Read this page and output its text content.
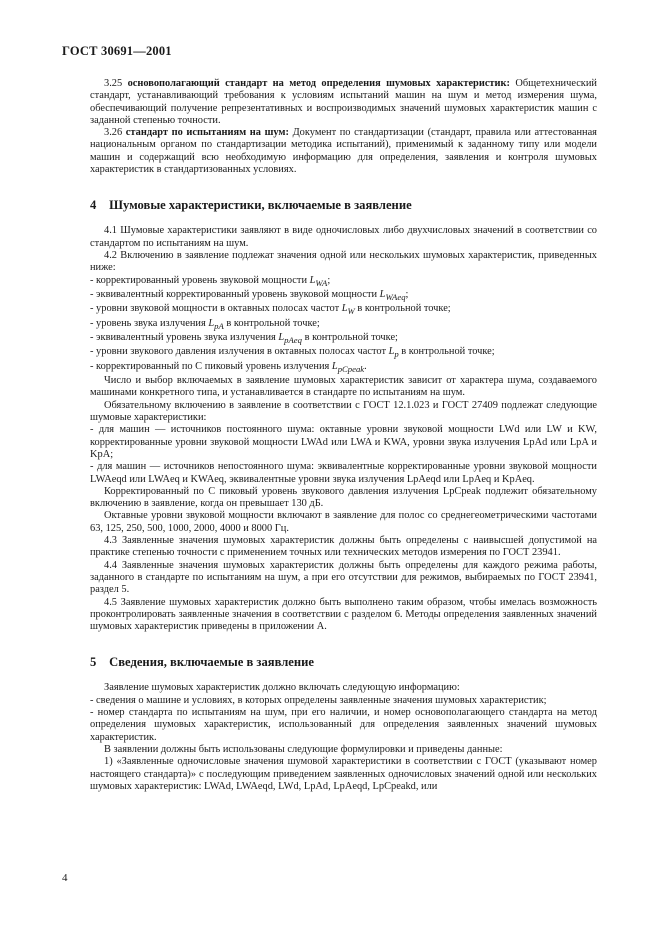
ГОСТ 30691—2001

3.25 основополагающий стандарт на метод определения шумовых характеристик: Общетехнический стандарт, устанавливающий требования к условиям испытаний машин на шум и метод измерения шума, обеспечивающий получение репрезентативных и воспроизводимых значений шумовых характеристик машин с заданной степенью точности.

3.26 стандарт по испытаниям на шум: Документ по стандартизации (стандарт, правила или аттестованная национальным органом по стандартизации методика испытаний), применимый к заданному типу или модели машин и содержащий всю необходимую информацию для определения, заявления и контроля шумовых характеристик в стандартизованных условиях.

4 Шумовые характеристики, включаемые в заявление

4.1 Шумовые характеристики заявляют в виде одночисловых либо двухчисловых значений в соответствии со стандартом по испытаниям на шум.

4.2 Включению в заявление подлежат значения одной или нескольких шумовых характеристик, приведенных ниже:

- корректированный уровень звуковой мощности $L_{WA}$;

- эквивалентный корректированный уровень звуковой мощности $L_{WAeq}$;

- уровни звуковой мощности в октавных полосах частот $L_W$ в контрольной точке;

- уровень звука излучения $L_{pA}$ в контрольной точке;

- эквивалентный уровень звука излучения $L_{pAeq}$ в контрольной точке;

- уровни звукового давления излучения в октавных полосах частот $L_p$ в контрольной точке;

- корректированный по C пиковый уровень излучения $L_{pCpeak}$.

Число и выбор включаемых в заявление шумовых характеристик зависит от характера шума, создаваемого машинами конкретного типа, и устанавливается в стандарте по испытаниям на шум.

Обязательному включению в заявление в соответствии с ГОСТ 12.1.023 и ГОСТ 27409 подлежат следующие шумовые характеристики:

- для машин — источников постоянного шума: октавные уровни звуковой мощности LWd или LW и KW, корректированные уровни звуковой мощности LWAd или LWA и KWA, уровни звука излучения LpAd или LpA и KpA;

- для машин — источников непостоянного шума: эквивалентные корректированные уровни звуковой мощности LWAeqd или LWAeq и KWAeq, эквивалентные уровни звука излучения LpAeqd или LpAeq и KpAeq.

Корректированный по C пиковый уровень звукового давления излучения LpCpeak подлежит обязательному включению в заявление, когда он превышает 130 дБ.

Октавные уровни звуковой мощности включают в заявление для полос со среднегеометрическими частотами 63, 125, 250, 500, 1000, 2000, 4000 и 8000 Гц.

4.3 Заявленные значения шумовых характеристик должны быть определены с наивысшей допустимой на практике степенью точности с применением точных или технических методов измерения по ГОСТ 23941.

4.4 Заявленные значения шумовых характеристик должны быть определены для каждого режима работы, заданного в стандарте по испытаниям на шум, а при его отсутствии для режимов, выбираемых по ГОСТ 23941, раздел 5.

4.5 Заявление шумовых характеристик должно быть выполнено таким образом, чтобы имелась возможность проконтролировать заявленные значения в соответствии с разделом 6. Методы определения заявленных значений шумовых характеристик приведены в приложении А.

5 Сведения, включаемые в заявление

Заявление шумовых характеристик должно включать следующую информацию:

- сведения о машине и условиях, в которых определены заявленные значения шумовых характеристик;

- номер стандарта по испытаниям на шум, при его наличии, и номер основополагающего стандарта на метод определения шумовых характеристик, использованный для определения заявленных значений шумовых характеристик.

В заявлении должны быть использованы следующие формулировки и приведены данные:

1) «Заявленные одночисловые значения шумовой характеристики в соответствии с ГОСТ (указывают номер настоящего стандарта)» с последующим приведением заявленных одночисловых значений одной или нескольких шумовых характеристик: LWAd, LWAeqd, LWd, LpAd, LpAeqd, LpCpeakd, или

4
